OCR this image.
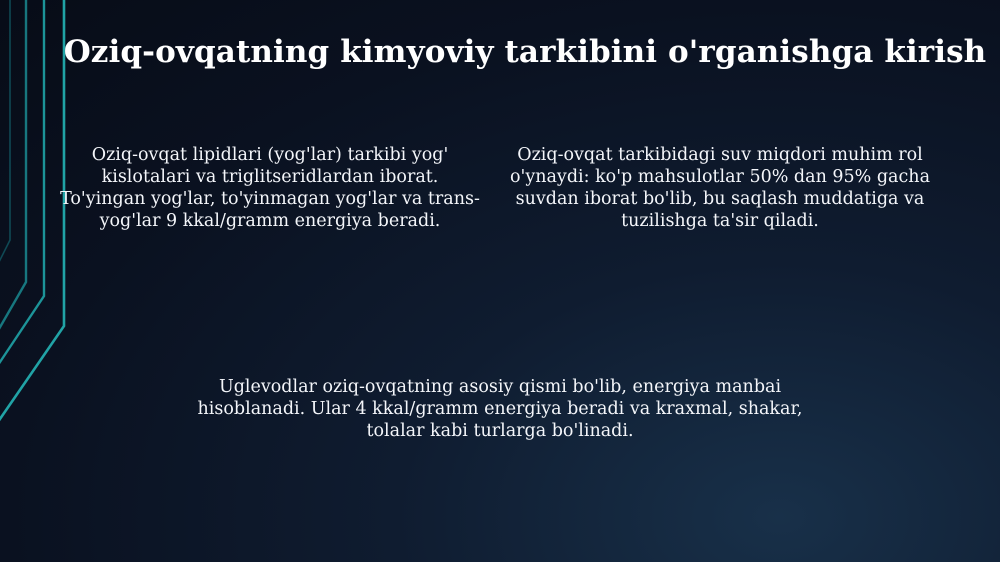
Oziq-ovqatning kimyoviy tarkibini o'rganishga kirish

Oziq-ovqat lipidlari (yog'lar) tarkibi yog' kislotalari va triglitseridlardan iborat. To'yingan yog'lar, to'yinmagan yog'lar va trans-yog'lar 9 kkal/gramm energiya beradi.

Oziq-ovqat tarkibidagi suv miqdori muhim rol o'ynaydi: ko'p mahsulotlar 50% dan 95% gacha suvdan iborat bo'lib, bu saqlash muddatiga va tuzilishga ta'sir qiladi.

Uglevodlar oziq-ovqatning asosiy qismi bo'lib, energiya manbai hisoblanadi. Ular 4 kkal/gramm energiya beradi va kraxmal, shakar, tolalar kabi turlarga bo'linadi.
